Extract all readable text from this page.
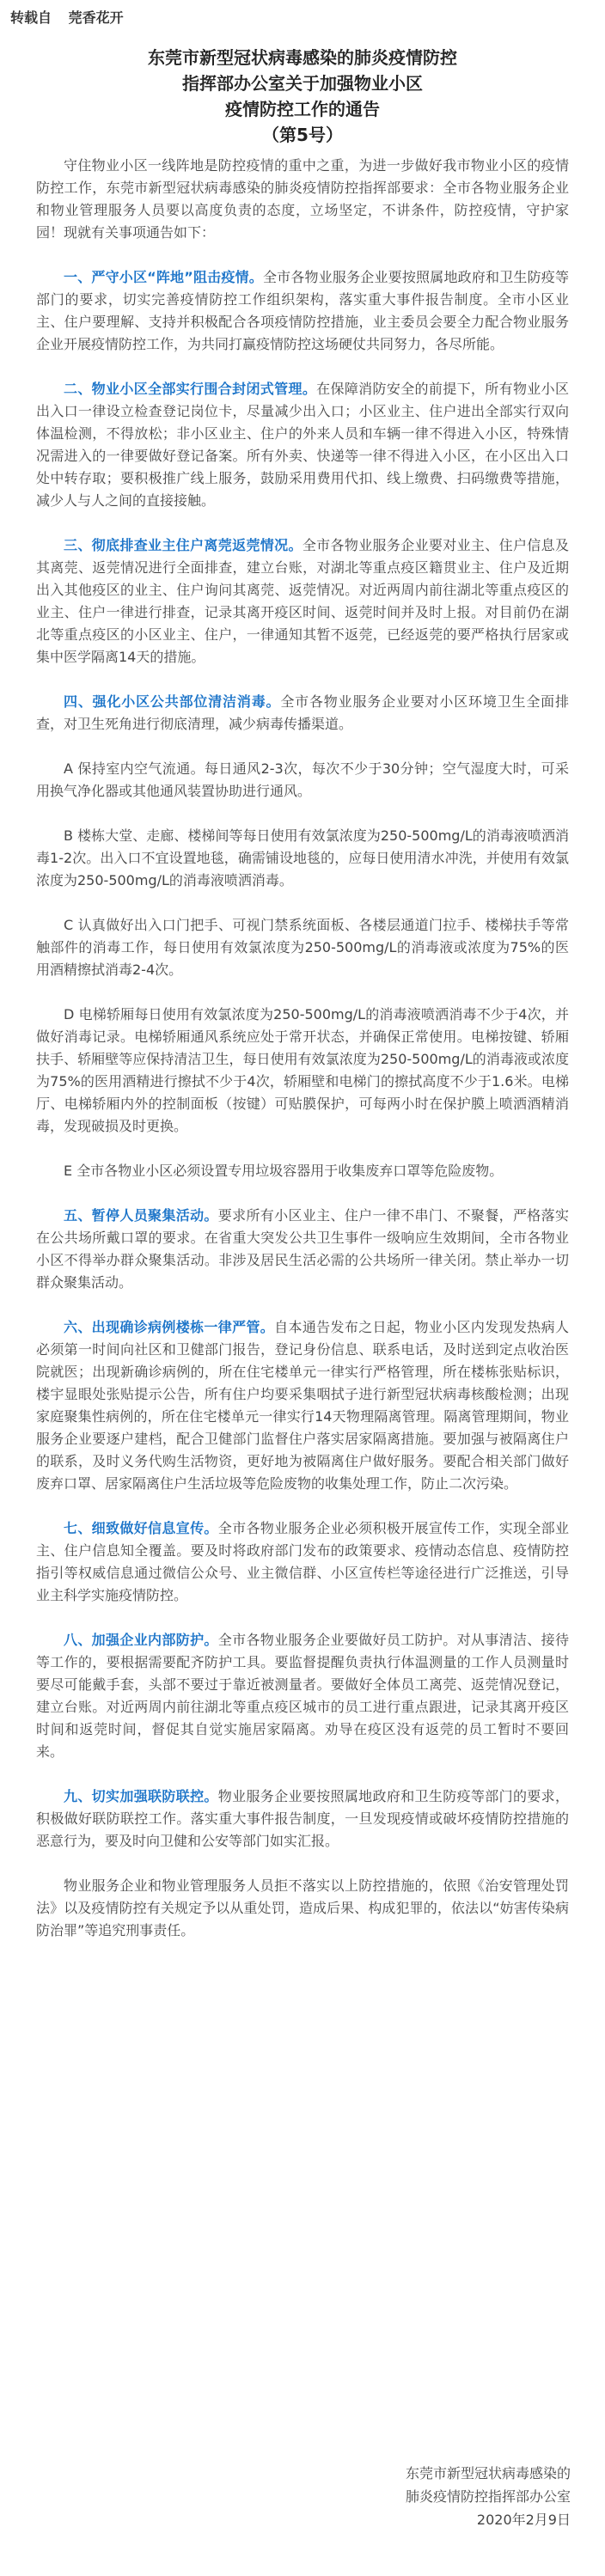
转载自 莞香花开
东莞市新型冠状病毒感染的肺炎疫情防控
指挥部办公室关于加强物业小区
疫情防控工作的通告
（第5号）

守住物业小区一线阵地是防控疫情的重中之重，为进一步做好我市物业小区的疫情防控工作，东莞市新型冠状病毒感染的肺炎疫情防控指挥部要求：全市各物业服务企业和物业管理服务人员要以高度负责的态度，立场坚定，不讲条件，防控疫情，守护家园！现就有关事项通告如下：

一、严守小区“阵地”阻击疫情。全市各物业服务企业要按照属地政府和卫生防疫等部门的要求，切实完善疫情防控工作组织架构，落实重大事件报告制度。全市小区业主、住户要理解、支持并积极配合各项疫情防控措施，业主委员会要全力配合物业服务企业开展疫情防控工作，为共同打赢疫情防控这场硬仗共同努力，各尽所能。

二、物业小区全部实行围合封闭式管理。在保障消防安全的前提下，所有物业小区出入口一律设立检查登记岗位卡，尽量减少出入口；小区业主、住户进出全部实行双向体温检测，不得放松；非小区业主、住户的外来人员和车辆一律不得进入小区，特殊情况需进入的一律要做好登记备案。所有外卖、快递等一律不得进入小区，在小区出入口处中转存取；要积极推广线上服务，鼓励采用费用代扣、线上缴费、扫码缴费等措施，减少人与人之间的直接接触。

三、彻底排查业主住户离莞返莞情况。全市各物业服务企业要对业主、住户信息及其离莞、返莞情况进行全面排查，建立台账，对湖北等重点疫区籍贯业主、住户及近期出入其他疫区的业主、住户询问其离莞、返莞情况。对近两周内前往湖北等重点疫区的业主、住户一律进行排查，记录其离开疫区时间、返莞时间并及时上报。对目前仍在湖北等重点疫区的小区业主、住户，一律通知其暂不返莞，已经返莞的要严格执行居家或集中医学隔离14天的措施。

四、强化小区公共部位清洁消毒。全市各物业服务企业要对小区环境卫生全面排查，对卫生死角进行彻底清理，减少病毒传播渠道。

A 保持室内空气流通。每日通风2-3次，每次不少于30分钟；空气湿度大时，可采用换气净化器或其他通风装置协助进行通风。

B 楼栋大堂、走廊、楼梯间等每日使用有效氯浓度为250-500mg/L的消毒液喷洒消毒1-2次。出入口不宜设置地毯，确需铺设地毯的，应每日使用清水冲洗，并使用有效氯浓度为250-500mg/L的消毒液喷洒消毒。

C 认真做好出入口门把手、可视门禁系统面板、各楼层通道门拉手、楼梯扶手等常触部件的消毒工作，每日使用有效氯浓度为250-500mg/L的消毒液或浓度为75%的医用酒精擦拭消毒2-4次。

D 电梯轿厢每日使用有效氯浓度为250-500mg/L的消毒液喷洒消毒不少于4次，并做好消毒记录。电梯轿厢通风系统应处于常开状态，并确保正常使用。电梯按键、轿厢扶手、轿厢壁等应保持清洁卫生，每日使用有效氯浓度为250-500mg/L的消毒液或浓度为75%的医用酒精进行擦拭不少于4次，轿厢壁和电梯门的擦拭高度不少于1.6米。电梯厅、电梯轿厢内外的控制面板（按键）可贴膜保护，可每两小时在保护膜上喷洒酒精消毒，发现破损及时更换。

E 全市各物业小区必须设置专用垃圾容器用于收集废弃口罩等危险废物。

五、暂停人员聚集活动。要求所有小区业主、住户一律不串门、不聚餐，严格落实在公共场所戴口罩的要求。在省重大突发公共卫生事件一级响应生效期间，全市各物业小区不得举办群众聚集活动。非涉及居民生活必需的公共场所一律关闭。禁止举办一切群众聚集活动。

六、出现确诊病例楼栋一律严管。自本通告发布之日起，物业小区内发现发热病人必须第一时间向社区和卫健部门报告，登记身份信息、联系电话，及时送到定点收治医院就医；出现新确诊病例的，所在住宅楼单元一律实行严格管理，所在楼栋张贴标识，楼宇显眼处张贴提示公告，所有住户均要采集咽拭子进行新型冠状病毒核酸检测；出现家庭聚集性病例的，所在住宅楼单元一律实行14天物理隔离管理。隔离管理期间，物业服务企业要逐户建档，配合卫健部门监督住户落实居家隔离措施。要加强与被隔离住户的联系，及时义务代购生活物资，更好地为被隔离住户做好服务。要配合相关部门做好废弃口罩、居家隔离住户生活垃圾等危险废物的收集处理工作，防止二次污染。

七、细致做好信息宣传。全市各物业服务企业必须积极开展宣传工作，实现全部业主、住户信息知全覆盖。要及时将政府部门发布的政策要求、疫情动态信息、疫情防控指引等权威信息通过微信公众号、业主微信群、小区宣传栏等途径进行广泛推送，引导业主科学实施疫情防控。

八、加强企业内部防护。全市各物业服务企业要做好员工防护。对从事清洁、接待等工作的，要根据需要配齐防护工具。要监督提醒负责执行体温测量的工作人员测量时要尽可能戴手套，头部不要过于靠近被测量者。要做好全体员工离莞、返莞情况登记，建立台账。对近两周内前往湖北等重点疫区城市的员工进行重点跟进，记录其离开疫区时间和返莞时间，督促其自觉实施居家隔离。劝导在疫区没有返莞的员工暂时不要回来。

九、切实加强联防联控。物业服务企业要按照属地政府和卫生防疫等部门的要求，积极做好联防联控工作。落实重大事件报告制度，一旦发现疫情或破坏疫情防控措施的恶意行为，要及时向卫健和公安等部门如实汇报。

物业服务企业和物业管理服务人员拒不落实以上防控措施的，依照《治安管理处罚法》以及疫情防控有关规定予以从重处罚，造成后果、构成犯罪的，依法以“妨害传染病防治罪”等追究刑事责任。

东莞市新型冠状病毒感染的
肺炎疫情防控指挥部办公室
2020年2月9日
